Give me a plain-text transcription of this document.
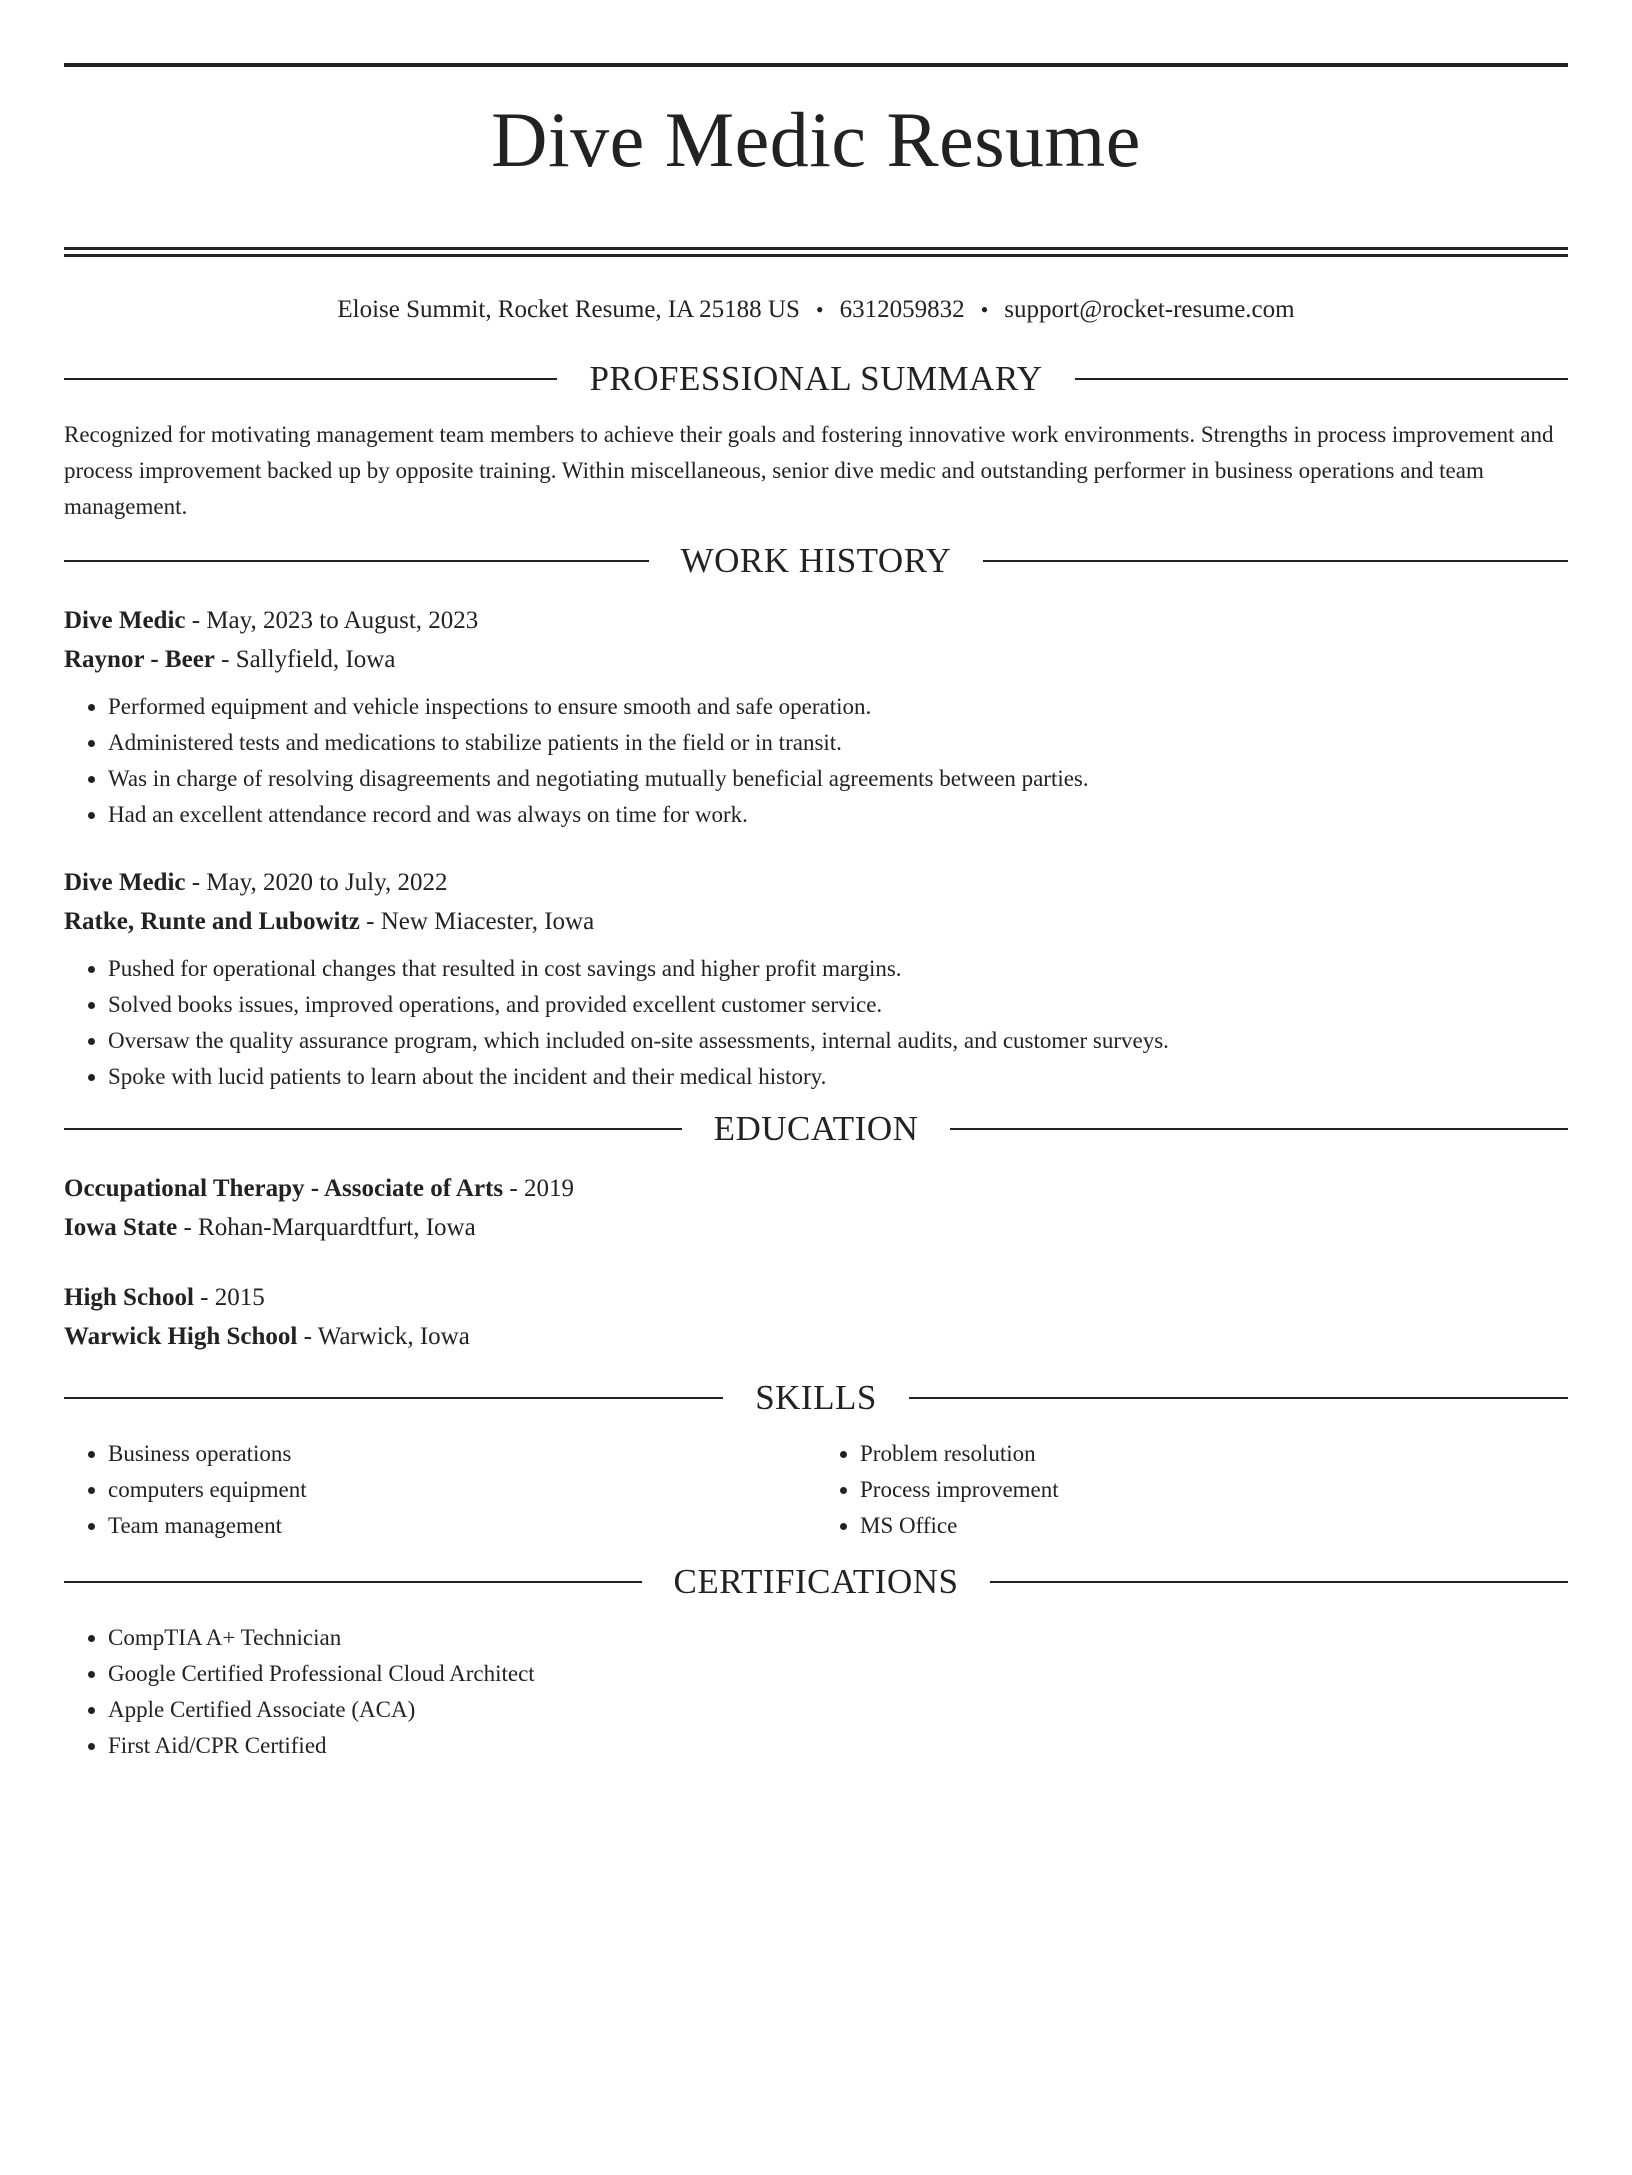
Dive Medic Resume
Eloise Summit, Rocket Resume, IA 25188 US • 6312059832 • support@rocket-resume.com
PROFESSIONAL SUMMARY
Recognized for motivating management team members to achieve their goals and fostering innovative work environments. Strengths in process improvement and process improvement backed up by opposite training. Within miscellaneous, senior dive medic and outstanding performer in business operations and team management.
WORK HISTORY
Dive Medic - May, 2023 to August, 2023
Raynor - Beer - Sallyfield, Iowa
• Performed equipment and vehicle inspections to ensure smooth and safe operation.
• Administered tests and medications to stabilize patients in the field or in transit.
• Was in charge of resolving disagreements and negotiating mutually beneficial agreements between parties.
• Had an excellent attendance record and was always on time for work.
Dive Medic - May, 2020 to July, 2022
Ratke, Runte and Lubowitz - New Miacester, Iowa
• Pushed for operational changes that resulted in cost savings and higher profit margins.
• Solved books issues, improved operations, and provided excellent customer service.
• Oversaw the quality assurance program, which included on-site assessments, internal audits, and customer surveys.
• Spoke with lucid patients to learn about the incident and their medical history.
EDUCATION
Occupational Therapy - Associate of Arts - 2019
Iowa State - Rohan-Marquardtfurt, Iowa
High School - 2015
Warwick High School - Warwick, Iowa
SKILLS
• Business operations
• computers equipment
• Team management
• Problem resolution
• Process improvement
• MS Office
CERTIFICATIONS
• CompTIA A+ Technician
• Google Certified Professional Cloud Architect
• Apple Certified Associate (ACA)
• First Aid/CPR Certified
